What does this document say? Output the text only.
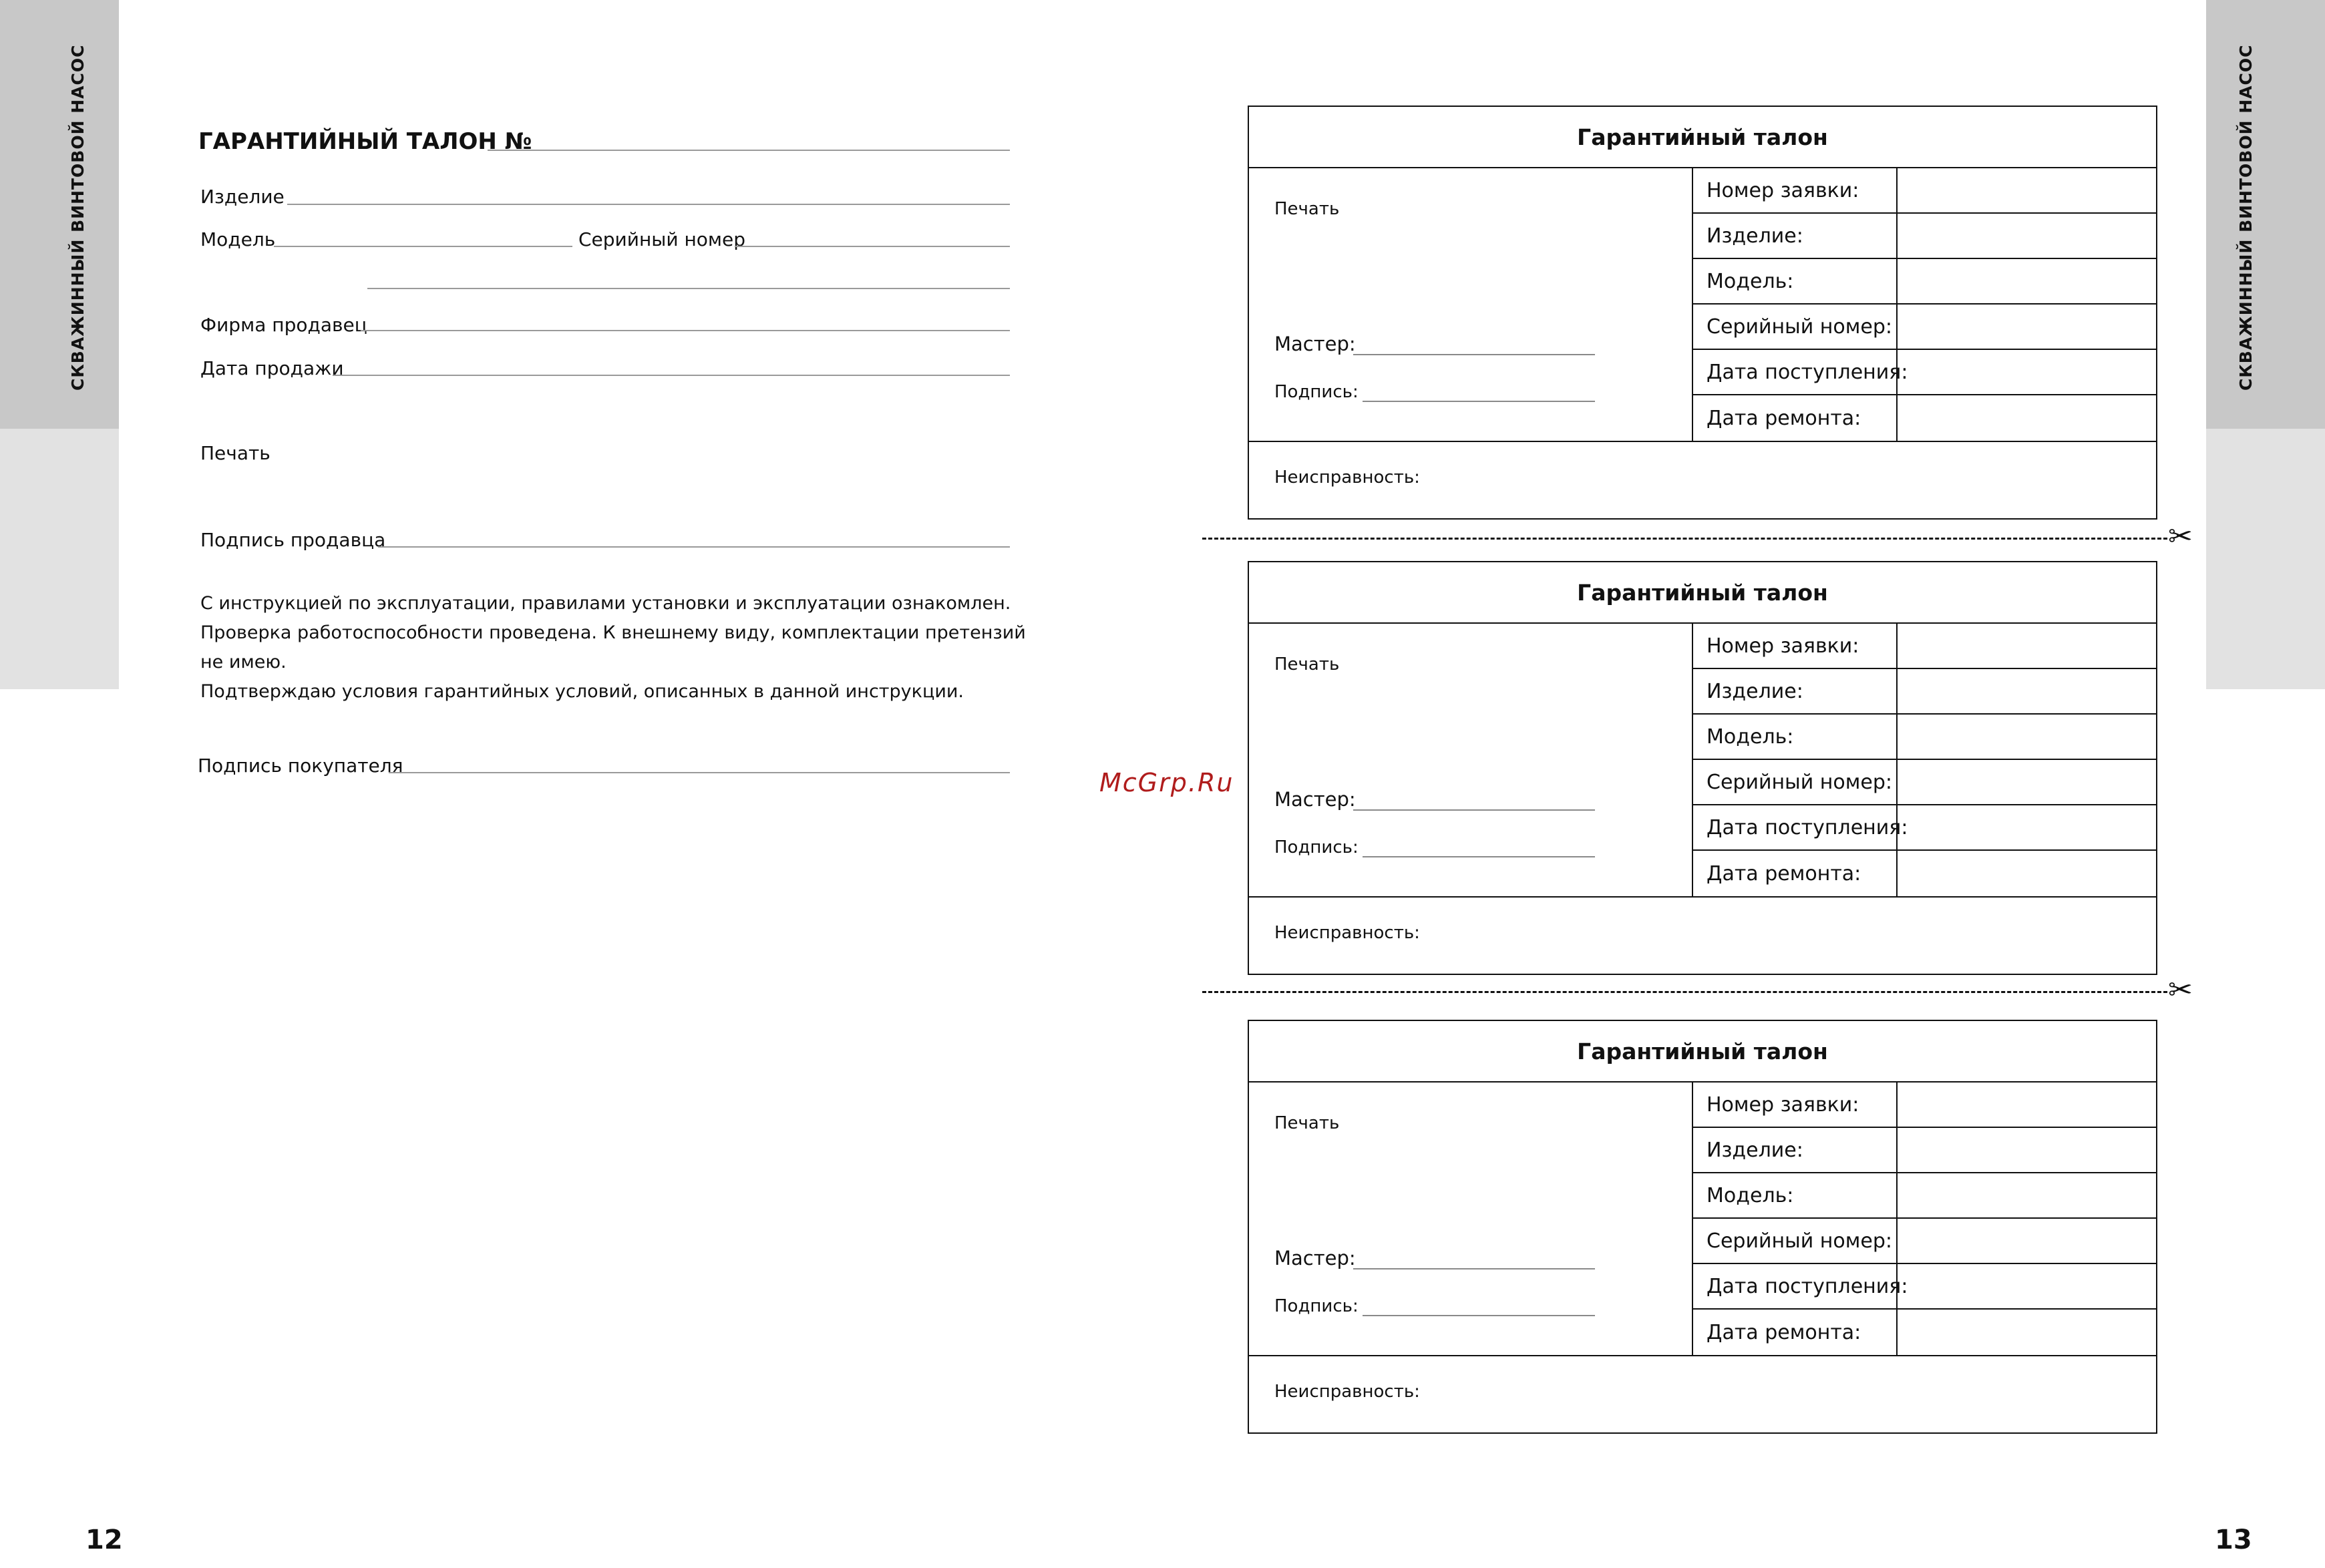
СКВАЖИННЫЙ ВИНТОВОЙ НАСОС	СКВАЖИННЫЙ ВИНТОВОЙ НАСОС
ГАРАНТИЙНЫЙ ТАЛОН №
Изделие
Модель	Серийный номер
Фирма продавец
Дата продажи
Печать
Подпись продавца
С инструкцией по эксплуатации, правилами установки и эксплуатации ознакомлен.
Проверка работоспособности проведена. К внешнему виду, комплектации претензий
не имею.
Подтверждаю условия гарантийных условий, описанных в данной инструкции.
Подпись покупателя
McGrp.Ru
Гарантийный талон
Печать
Мастер:
Подпись:
Номер заявки:
Изделие:
Модель:
Серийный номер:
Дата поступления:
Дата ремонта:
Неисправность:
✂
Гарантийный талон
Печать
Мастер:
Подпись:
Номер заявки:
Изделие:
Модель:
Серийный номер:
Дата поступления:
Дата ремонта:
Неисправность:
✂
Гарантийный талон
Печать
Мастер:
Подпись:
Номер заявки:
Изделие:
Модель:
Серийный номер:
Дата поступления:
Дата ремонта:
Неисправность:
12	13
